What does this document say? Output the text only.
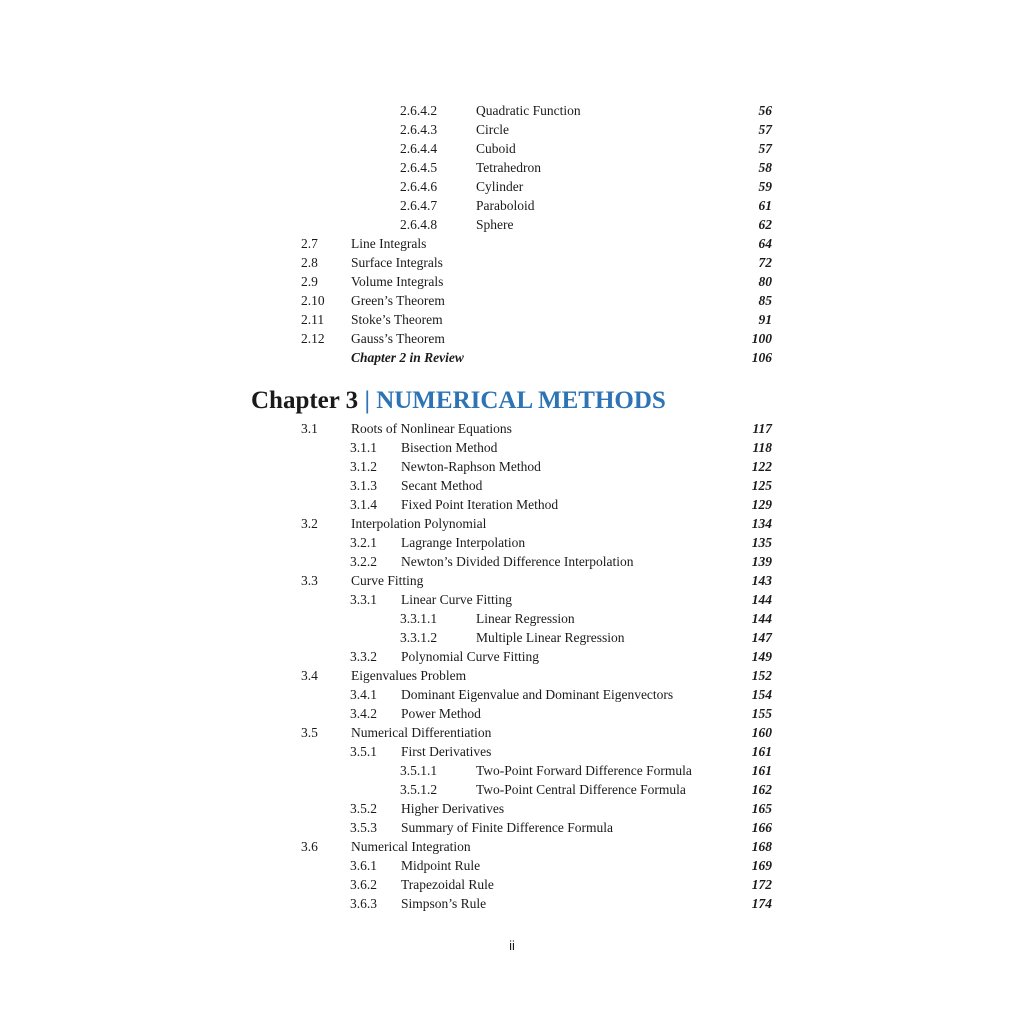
2.6.4.2	Quadratic Function	56
2.6.4.3	Circle	57
2.6.4.4	Cuboid	57
2.6.4.5	Tetrahedron	58
2.6.4.6	Cylinder	59
2.6.4.7	Paraboloid	61
2.6.4.8	Sphere	62
2.7 Line Integrals	64
2.8 Surface Integrals	72
2.9 Volume Integrals	80
2.10 Green’s Theorem	85
2.11 Stoke’s Theorem	91
2.12 Gauss’s Theorem	100
Chapter 2 in Review	106
Chapter 3 | NUMERICAL METHODS
3.1 Roots of Nonlinear Equations	117
3.1.1 Bisection Method	118
3.1.2 Newton-Raphson Method	122
3.1.3 Secant Method	125
3.1.4 Fixed Point Iteration Method	129
3.2 Interpolation Polynomial	134
3.2.1 Lagrange Interpolation	135
3.2.2 Newton’s Divided Difference Interpolation	139
3.3 Curve Fitting	143
3.3.1 Linear Curve Fitting	144
3.3.1.1	Linear Regression	144
3.3.1.2	Multiple Linear Regression	147
3.3.2 Polynomial Curve Fitting	149
3.4 Eigenvalues Problem	152
3.4.1 Dominant Eigenvalue and Dominant Eigenvectors	154
3.4.2 Power Method	155
3.5 Numerical Differentiation	160
3.5.1 First Derivatives	161
3.5.1.1	Two-Point Forward Difference Formula	161
3.5.1.2	Two-Point Central Difference Formula	162
3.5.2 Higher Derivatives	165
3.5.3 Summary of Finite Difference Formula	166
3.6 Numerical Integration	168
3.6.1 Midpoint Rule	169
3.6.2 Trapezoidal Rule	172
3.6.3 Simpson’s Rule	174
ii
